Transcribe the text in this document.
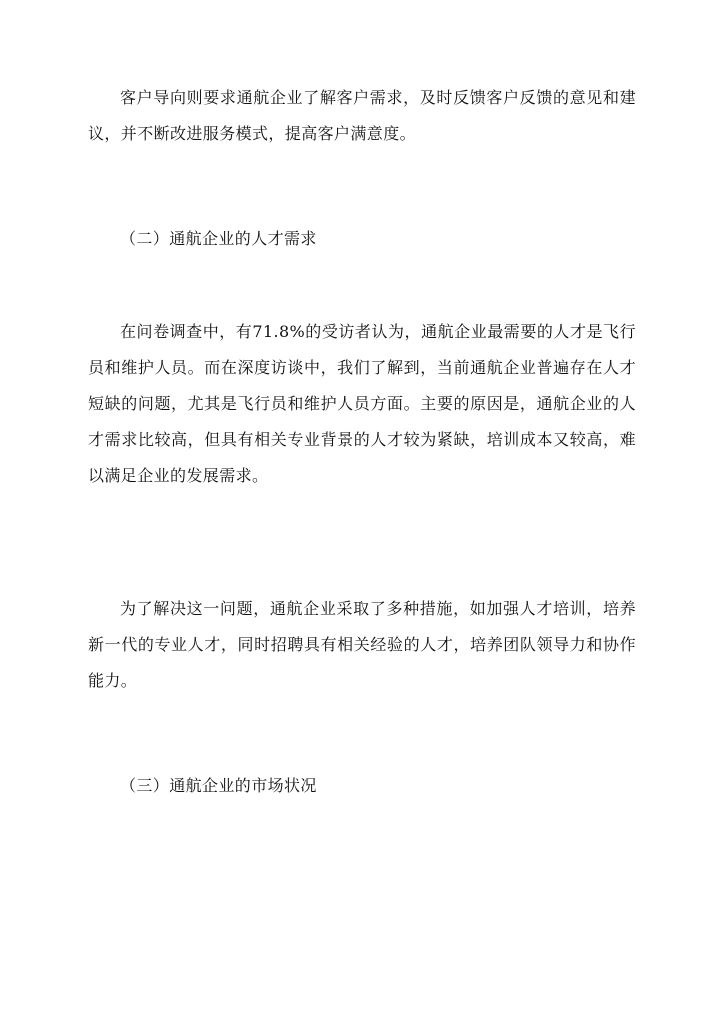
客户导向则要求通航企业了解客户需求，及时反馈客户反馈的意见和建议，并不断改进服务模式，提高客户满意度。

（二）通航企业的人才需求

在问卷调查中，有71.8%的受访者认为，通航企业最需要的人才是飞行员和维护人员。而在深度访谈中，我们了解到，当前通航企业普遍存在人才短缺的问题，尤其是飞行员和维护人员方面。主要的原因是，通航企业的人才需求比较高，但具有相关专业背景的人才较为紧缺，培训成本又较高，难以满足企业的发展需求。

为了解决这一问题，通航企业采取了多种措施，如加强人才培训，培养新一代的专业人才，同时招聘具有相关经验的人才，培养团队领导力和协作能力。

（三）通航企业的市场状况
